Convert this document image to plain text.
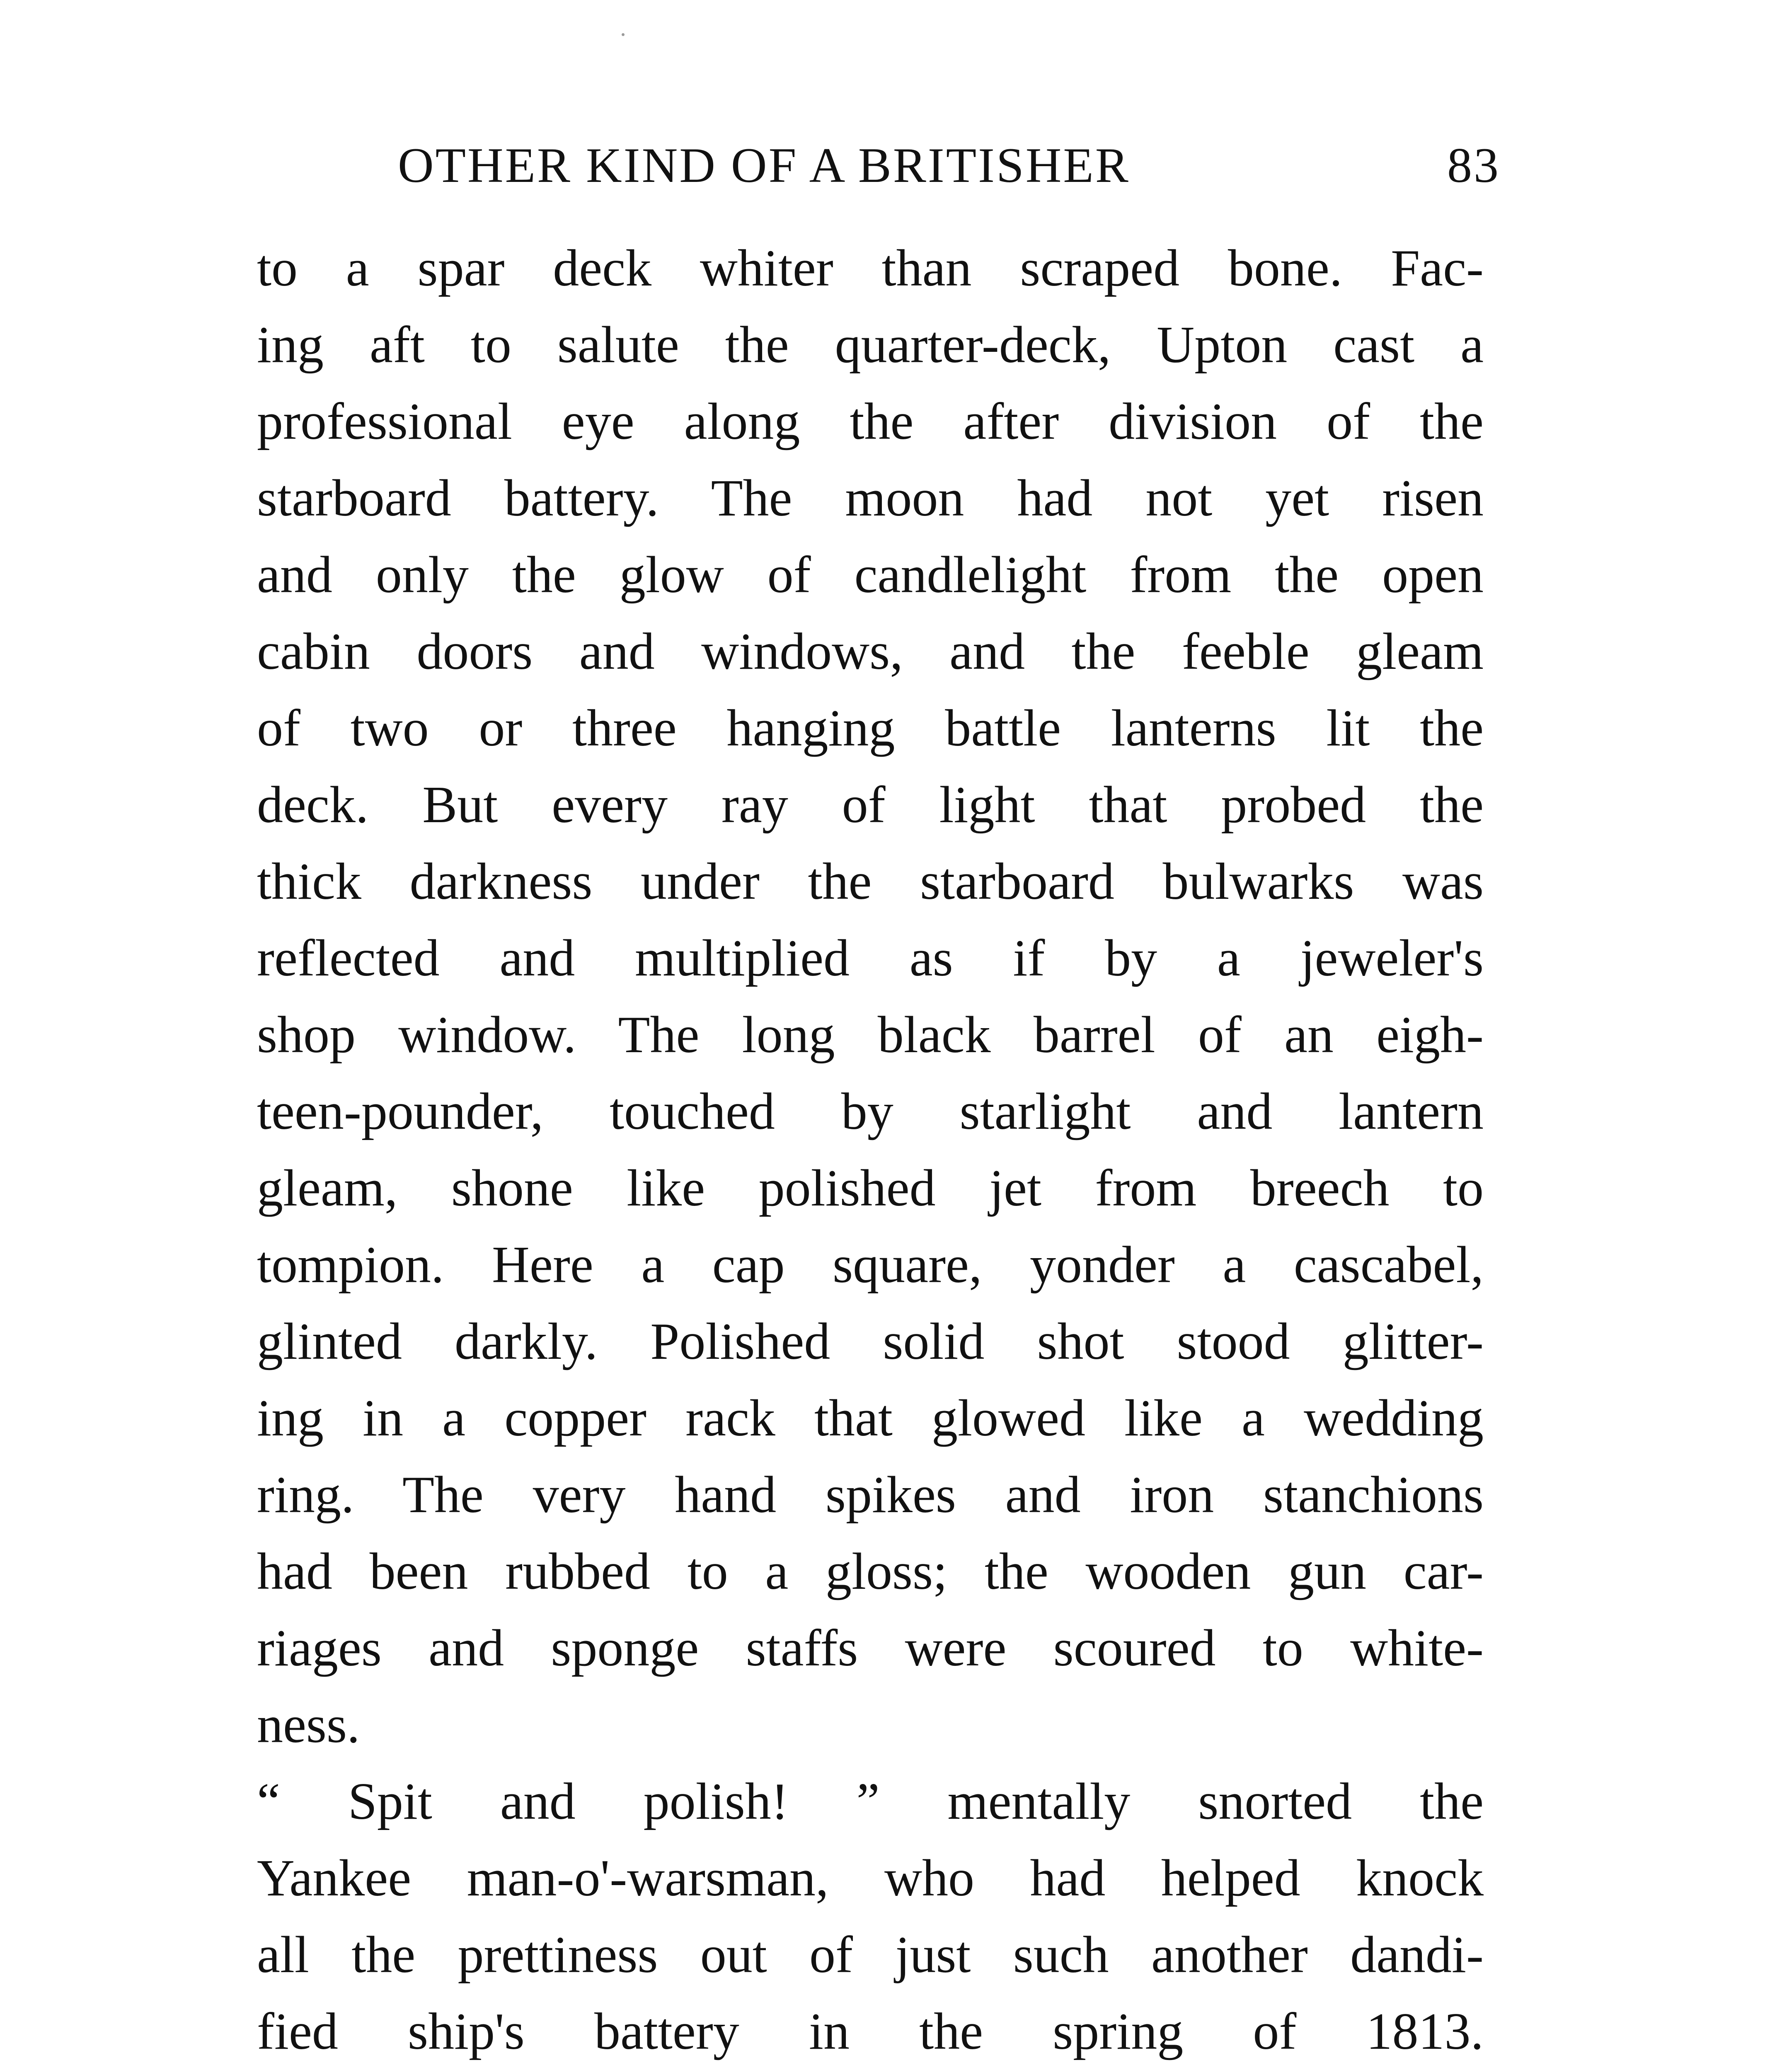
OTHER KIND OF A BRITISHER	83
to a spar deck whiter than scraped bone. Fac-
ing aft to salute the quarter-deck, Upton cast a
professional eye along the after division of the
starboard battery. The moon had not yet risen
and only the glow of candlelight from the open
cabin doors and windows, and the feeble gleam
of two or three hanging battle lanterns lit the
deck. But every ray of light that probed the
thick darkness under the starboard bulwarks was
reflected and multiplied as if by a jeweler's
shop window. The long black barrel of an eigh-
teen-pounder, touched by starlight and lantern
gleam, shone like polished jet from breech to
tompion. Here a cap square, yonder a cascabel,
glinted darkly. Polished solid shot stood glitter-
ing in a copper rack that glowed like a wedding
ring. The very hand spikes and iron stanchions
had been rubbed to a gloss; the wooden gun car-
riages and sponge staffs were scoured to white-
ness.
“ Spit and polish! ” mentally snorted the
Yankee man-o'-warsman, who had helped knock
all the prettiness out of just such another dandi-
fied ship's battery in the spring of 1813.
